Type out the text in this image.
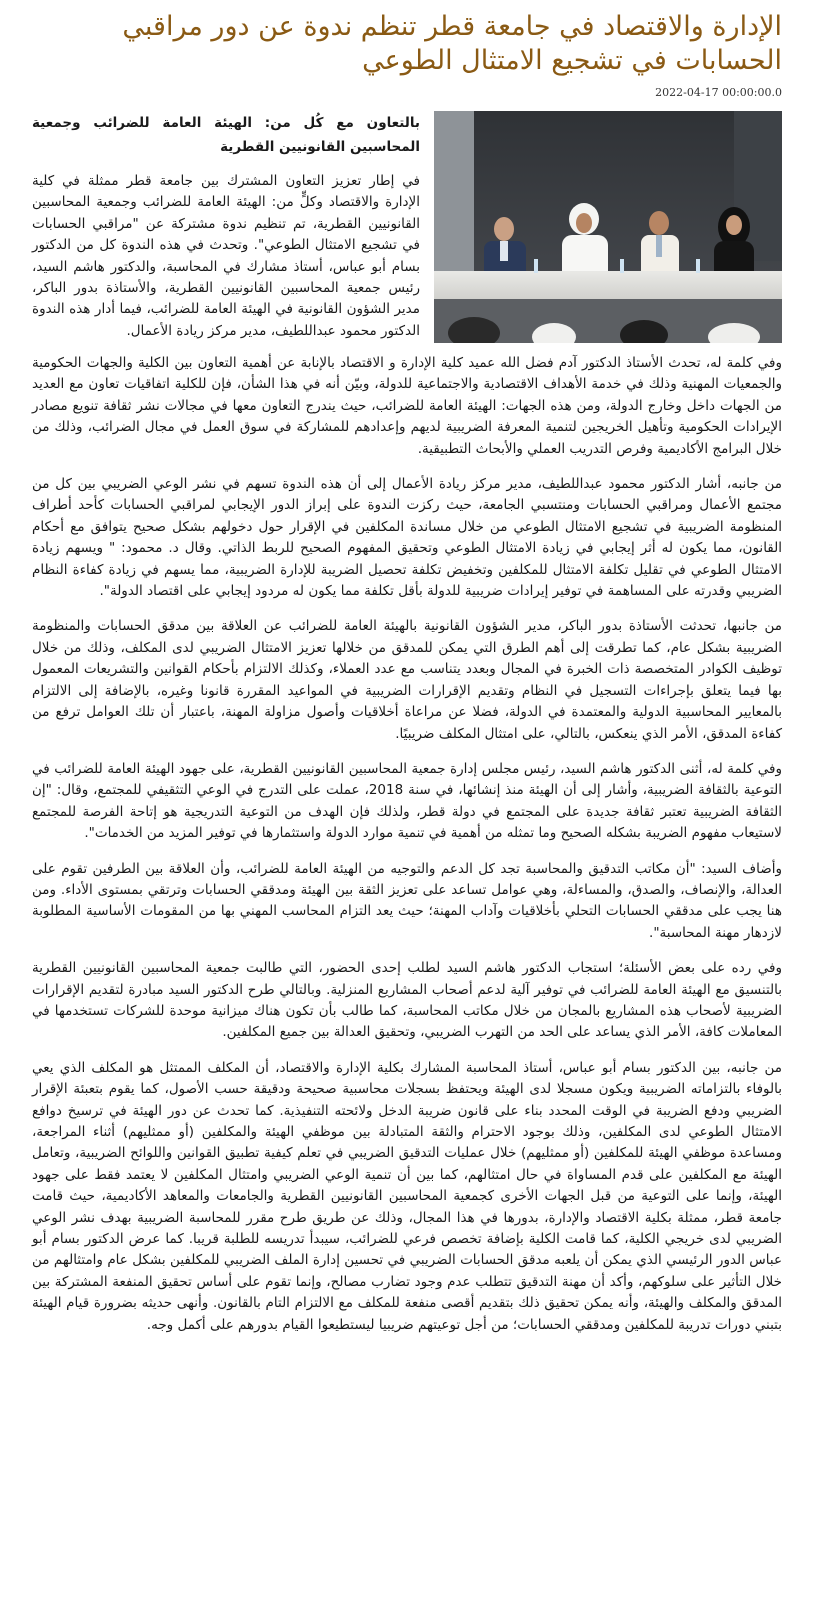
الإدارة والاقتصاد في جامعة قطر تنظم ندوة عن دور مراقبي الحسابات في تشجيع الامتثال الطوعي
2022-04-17 00:00:00.0
بالتعاون مع كُل من: الهيئة العامة للضرائب وجمعية المحاسبين القانونيين القطرية

في إطار تعزيز التعاون المشترك بين جامعة قطر ممثلة في كلية الإدارة والاقتصاد وكلٍّ من: الهيئة العامة للضرائب وجمعية المحاسبين القانونيين القطرية، تم تنظيم ندوة مشتركة عن "مراقبي الحسابات في تشجيع الامتثال الطوعي". وتحدث في هذه الندوة كل من الدكتور بسام أبو عباس، أستاذ مشارك في المحاسبة، والدكتور هاشم السيد، رئيس جمعية المحاسبين القانونيين القطرية، والأستاذة بدور الباكر، مدير الشؤون القانونية في الهيئة العامة للضرائب، فيما أدار هذه الندوة الدكتور محمود عبداللطيف، مدير مركز ريادة الأعمال.

وفي كلمة له، تحدث الأستاذ الدكتور آدم فضل الله عميد كلية الإدارة و الاقتصاد بالإنابة عن أهمية التعاون بين الكلية والجهات الحكومية والجمعيات المهنية وذلك في خدمة الأهداف الاقتصادية والاجتماعية للدولة، وبيّن أنه في هذا الشأن، فإن للكلية اتفاقيات تعاون مع العديد من الجهات داخل وخارج الدولة، ومن هذه الجهات: الهيئة العامة للضرائب، حيث يندرج التعاون معها في مجالات نشر ثقافة تنويع مصادر الإيرادات الحكومية وتأهيل الخريجين لتنمية المعرفة الضريبية لديهم وإعدادهم للمشاركة في سوق العمل في مجال الضرائب، وذلك من خلال البرامج الأكاديمية وفرص التدريب العملي والأبحاث التطبيقية.

من جانبه، أشار الدكتور محمود عبداللطيف، مدير مركز ريادة الأعمال إلى أن هذه الندوة تسهم في نشر الوعي الضريبي بين كل من مجتمع الأعمال ومراقبي الحسابات ومنتسبي الجامعة، حيث ركزت الندوة على إبراز الدور الإيجابي لمراقبي الحسابات كأحد أطراف المنظومة الضريبية في تشجيع الامتثال الطوعي من خلال مساندة المكلفين في الإقرار حول دخولهم بشكل صحيح يتوافق مع أحكام القانون، مما يكون له أثر إيجابي في زيادة الامتثال الطوعي وتحقيق المفهوم الصحيح للربط الذاتي. وقال د. محمود: " ويسهم زيادة الامتثال الطوعي في تقليل تكلفة الامتثال للمكلفين وتخفيض تكلفة تحصيل الضريبة للإدارة الضريبية، مما يسهم في زيادة كفاءة النظام الضريبي وقدرته على المساهمة في توفير إيرادات ضريبية للدولة بأقل تكلفة مما يكون له مردود إيجابي على اقتصاد الدولة".

من جانبها، تحدثت الأستاذة بدور الباكر، مدير الشؤون القانونية بالهيئة العامة للضرائب عن العلاقة بين مدقق الحسابات والمنظومة الضريبية بشكل عام، كما تطرقت إلى أهم الطرق التي يمكن للمدقق من خلالها تعزيز الامتثال الضريبي لدى المكلف، وذلك من خلال توظيف الكوادر المتخصصة ذات الخبرة في المجال وبعدد يتناسب مع عدد العملاء، وكذلك الالتزام بأحكام القوانين والتشريعات المعمول بها فيما يتعلق بإجراءات التسجيل في النظام وتقديم الإقرارات الضريبية في المواعيد المقررة قانونا وغيره، بالإضافة إلى الالتزام بالمعايير المحاسبية الدولية والمعتمدة في الدولة، فضلا عن مراعاة أخلاقيات وأصول مزاولة المهنة، باعتبار أن تلك العوامل ترفع من كفاءة المدقق، الأمر الذي ينعكس، بالتالي، على امتثال المكلف ضريبيًا.

وفي كلمة له، أثنى الدكتور هاشم السيد، رئيس مجلس إدارة جمعية المحاسبين القانونيين القطرية، على جهود الهيئة العامة للضرائب في التوعية بالثقافة الضريبية، وأشار إلى أن الهيئة منذ إنشائها، في سنة 2018، عملت على التدرج في الوعي التثقيفي للمجتمع، وقال: "إن الثقافة الضريبية تعتبر ثقافة جديدة على المجتمع في دولة قطر، ولذلك فإن الهدف من التوعية التدريجية هو إتاحة الفرصة للمجتمع لاستيعاب مفهوم الضريبة بشكله الصحيح وما تمثله من أهمية في تنمية موارد الدولة واستثمارها في توفير المزيد من الخدمات".

وأضاف السيد: "أن مكاتب التدقيق والمحاسبة تجد كل الدعم والتوجيه من الهيئة العامة للضرائب، وأن العلاقة بين الطرفين تقوم على العدالة، والإنصاف، والصدق، والمساءلة، وهي عوامل تساعد على تعزيز الثقة بين الهيئة ومدققي الحسابات وترتقي بمستوى الأداء. ومن هنا يجب على مدققي الحسابات التحلي بأخلاقيات وآداب المهنة؛ حيث يعد التزام المحاسب المهني بها من المقومات الأساسية المطلوبة لازدهار مهنة المحاسبة".

وفي رده على بعض الأسئلة؛ استجاب الدكتور هاشم السيد لطلب إحدى الحضور، التي طالبت جمعية المحاسبين القانونيين القطرية بالتنسيق مع الهيئة العامة للضرائب في توفير آلية لدعم أصحاب المشاريع المنزلية. وبالتالي طرح الدكتور السيد مبادرة لتقديم الإقرارات الضريبية لأصحاب هذه المشاريع بالمجان من خلال مكاتب المحاسبة، كما طالب بأن تكون هناك ميزانية موحدة للشركات تستخدمها في المعاملات كافة، الأمر الذي يساعد على الحد من التهرب الضريبي، وتحقيق العدالة بين جميع المكلفين.

من جانبه، بين الدكتور بسام أبو عباس، أستاذ المحاسبة المشارك بكلية الإدارة والاقتصاد، أن المكلف الممتثل هو المكلف الذي يعي بالوفاء بالتزاماته الضريبية ويكون مسجلا لدى الهيئة ويحتفظ بسجلات محاسبية صحيحة ودقيقة حسب الأصول، كما يقوم بتعبئة الإقرار الضريبي ودفع الضريبة في الوقت المحدد بناء على قانون ضريبة الدخل ولائحته التنفيذية. كما تحدث عن دور الهيئة في ترسيخ دوافع الامتثال الطوعي لدى المكلفين، وذلك بوجود الاحترام والثقة المتبادلة بين موظفي الهيئة والمكلفين (أو ممثليهم) أثناء المراجعة، ومساعدة موظفي الهيئة للمكلفين (أو ممثليهم) خلال عمليات التدقيق الضريبي في تعلم كيفية تطبيق القوانين واللوائح الضريبية، وتعامل الهيئة مع المكلفين على قدم المساواة في حال امتثالهم، كما بين أن تنمية الوعي الضريبي وامتثال المكلفين لا يعتمد فقط على جهود الهيئة، وإنما على التوعية من قبل الجهات الأخرى كجمعية المحاسبين القانونيين القطرية والجامعات والمعاهد الأكاديمية، حيث قامت جامعة قطر، ممثلة بكلية الاقتصاد والإدارة، بدورها في هذا المجال، وذلك عن طريق طرح مقرر للمحاسبة الضريبية بهدف نشر الوعي الضريبي لدى خريجي الكلية، كما قامت الكلية بإضافة تخصص فرعي للضرائب، سيبدأ تدريسه للطلبة قريبا. كما عرض الدكتور بسام أبو عباس الدور الرئيسي الذي يمكن أن يلعبه مدقق الحسابات الضريبي في تحسين إدارة الملف الضريبي للمكلفين بشكل عام وامتثالهم من خلال التأثير على سلوكهم، وأكد أن مهنة التدقيق تتطلب عدم وجود تضارب مصالح، وإنما تقوم على أساس تحقيق المنفعة المشتركة بين المدقق والمكلف والهيئة، وأنه يمكن تحقيق ذلك بتقديم أقصى منفعة للمكلف مع الالتزام التام بالقانون. وأنهى حديثه بضرورة قيام الهيئة بتبني دورات تدريبة للمكلفين ومدققي الحسابات؛ من أجل توعيتهم ضريبيا ليستطيعوا القيام بدورهم على أكمل وجه.
